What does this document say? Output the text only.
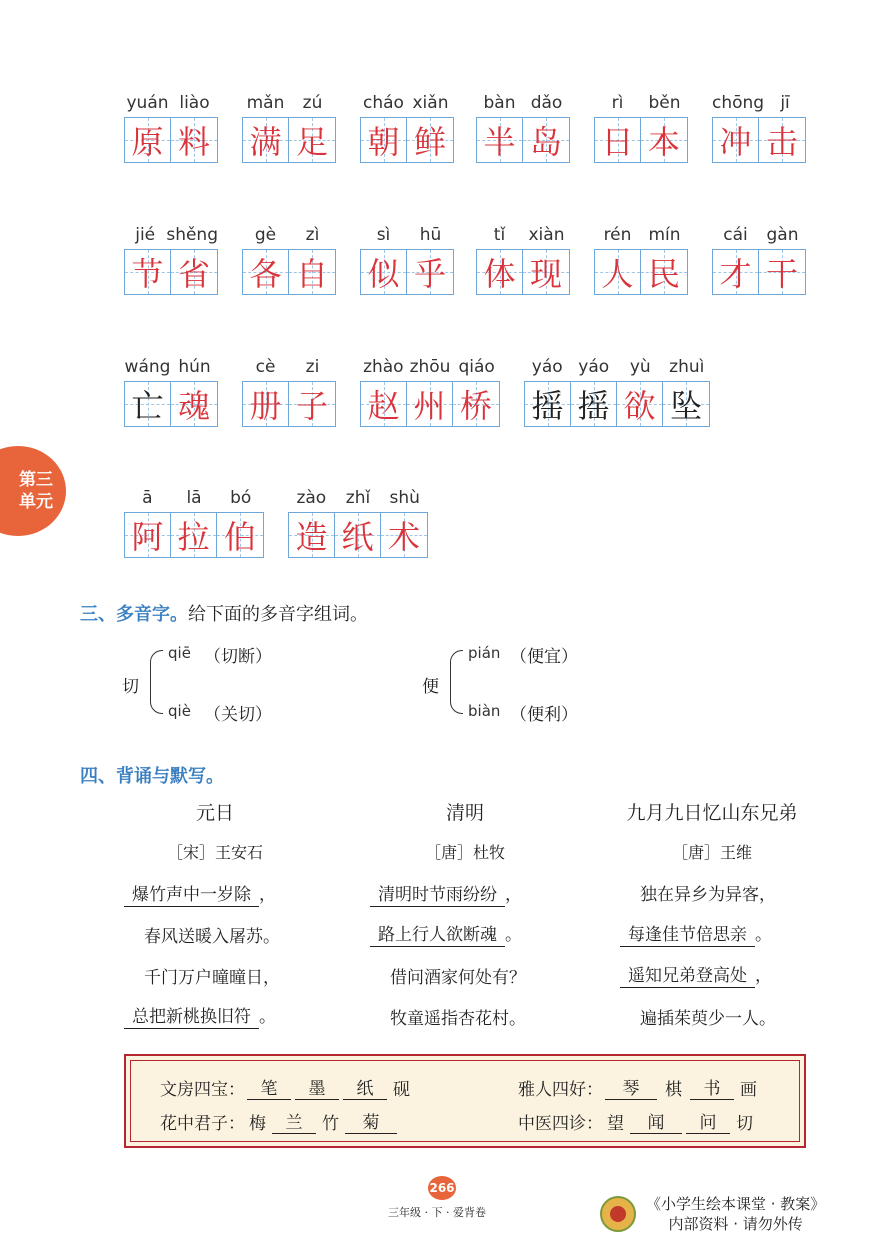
yuán liào
原 料
mǎn	zú
满 足
cháo xiǎn
朝 鲜
bàn dǎo
半 岛
rì	běn
日 本
chōng jī
冲 击
jié shěng
节 省
gè	zì
各 自
sì	hū
似 乎
tǐ	xiàn
体 现
rén	mín
人 民
cái	gàn
才 干
wáng hún
亡 魂
cè	zi
册 子
zhào zhōu qiáo
赵 州 桥
yáo yáo	yù	zhuì
摇 摇 欲 坠
ā	lā	bó
阿 拉 伯
zào	zhǐ	shù
造 纸 术
第三
单元
三、多音字。给下面的多音字组词。
切
qiē （切断）
qiè （关切）
便
pián （便宜）
biàn （便利）
四、背诵与默写。
元日
［宋］王安石
爆竹声中一岁除 ，
春风送暖入屠苏。
千门万户曈曈日，
总把新桃换旧符 。
清明
［唐］杜牧
清明时节雨纷纷 ，
路上行人欲断魂 。
借问酒家何处有？
牧童遥指杏花村。
九月九日忆山东兄弟
［唐］王维
独在异乡为异客，
每逢佳节倍思亲 。
遥知兄弟登高处 ，
遍插茱萸少一人。
文房四宝： 笔	墨	纸	砚	雅人四好：	琴	棋	书	画
花中君子： 梅	兰	竹	菊	中医四诊： 望	闻	问	切
266
三年级 · 下 · 爱背卷	《小学生绘本课堂 · 教案》
内部资料 · 请勿外传
